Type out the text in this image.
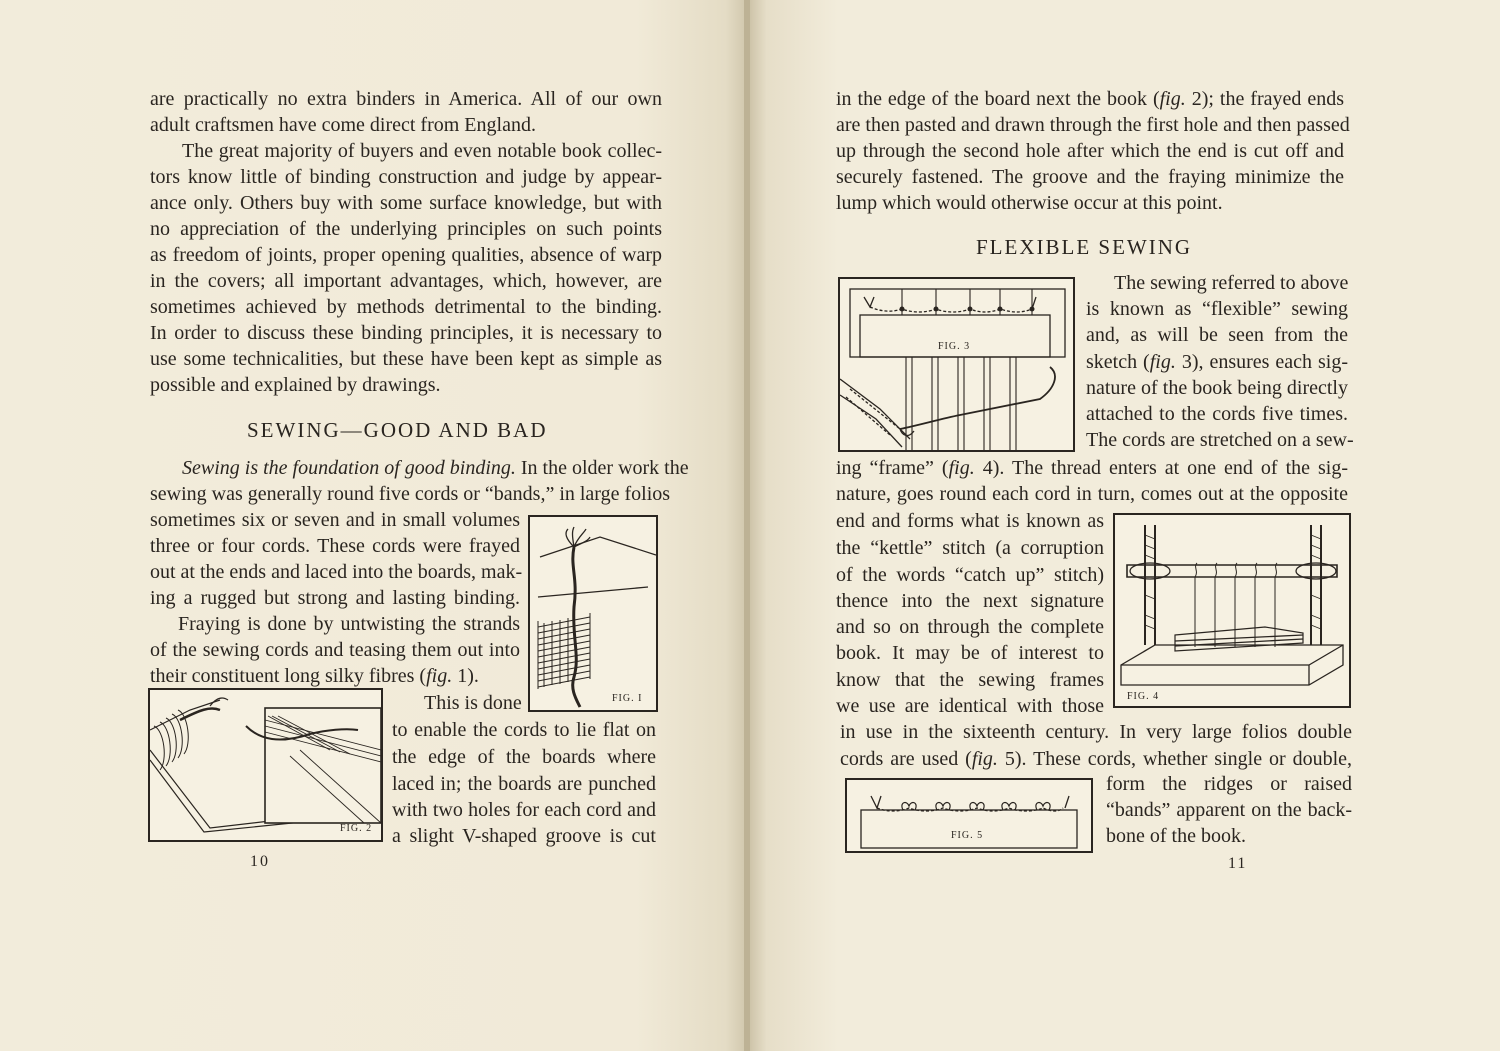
are practically no extra binders in America. All of our own
adult craftsmen have come direct from England.
The great majority of buyers and even notable book collec-
tors know little of binding construction and judge by appear-
ance only. Others buy with some surface knowledge, but with
no appreciation of the underlying principles on such points
as freedom of joints, proper opening qualities, absence of warp
in the covers; all important advantages, which, however, are
sometimes achieved by methods detrimental to the binding.
In order to discuss these binding principles, it is necessary to
use some technicalities, but these have been kept as simple as
possible and explained by drawings.
SEWING—GOOD AND BAD
Sewing is the foundation of good binding. In the older work the
sewing was generally round five cords or “bands,” in large folios
sometimes six or seven and in small volumes
three or four cords. These cords were frayed
out at the ends and laced into the boards, mak-
ing a rugged but strong and lasting binding.
Fraying is done by untwisting the strands
of the sewing cords and teasing them out into
their constituent long silky fibres (fig. 1).
This is done
to enable the cords to lie flat on
the edge of the boards where
laced in; the boards are punched
with two holes for each cord and
a slight V-shaped groove is cut
10
FIG. I
FIG. 2
in the edge of the board next the book (fig. 2); the frayed ends
are then pasted and drawn through the first hole and then passed
up through the second hole after which the end is cut off and
securely fastened. The groove and the fraying minimize the
lump which would otherwise occur at this point.
FLEXIBLE SEWING
The sewing referred to above
is known as “flexible” sewing
and, as will be seen from the
sketch (fig. 3), ensures each sig-
nature of the book being directly
attached to the cords five times.
The cords are stretched on a sew-
ing “frame” (fig. 4). The thread enters at one end of the sig-
nature, goes round each cord in turn, comes out at the opposite
end and forms what is known as
the “kettle” stitch (a corruption
of the words “catch up” stitch)
thence into the next signature
and so on through the complete
book. It may be of interest to
know that the sewing frames
we use are identical with those
in use in the sixteenth century. In very large folios double
cords are used (fig. 5). These cords, whether single or double,
form the ridges or raised
“bands” apparent on the back-
bone of the book.
11
FIG. 3
FIG. 4
FIG. 5
